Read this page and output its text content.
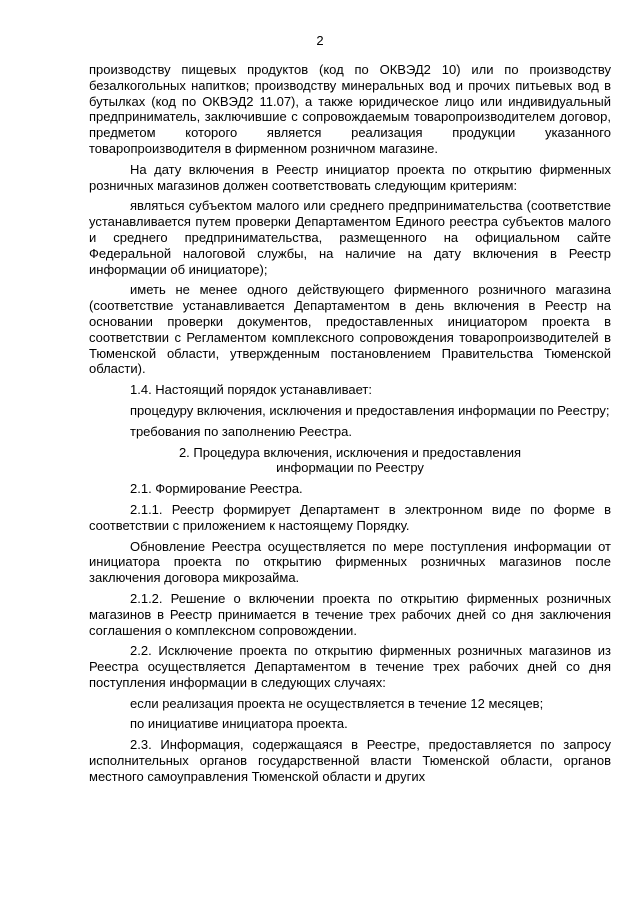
2

производству пищевых продуктов (код по ОКВЭД2 10) или по производству безалкогольных напитков; производству минеральных вод и прочих питьевых вод в бутылках (код по ОКВЭД2 11.07), а также юридическое лицо или индивидуальный предприниматель, заключившие с сопровождаемым товаропроизводителем договор, предметом которого является реализация продукции указанного товаропроизводителя в фирменном розничном магазине.

На дату включения в Реестр инициатор проекта по открытию фирменных розничных магазинов должен соответствовать следующим критериям:

являться субъектом малого или среднего предпринимательства (соответствие устанавливается путем проверки Департаментом Единого реестра субъектов малого и среднего предпринимательства, размещенного на официальном сайте Федеральной налоговой службы, на наличие на дату включения в Реестр информации об инициаторе);

иметь не менее одного действующего фирменного розничного магазина (соответствие устанавливается Департаментом в день включения в Реестр на основании проверки документов, предоставленных инициатором проекта в соответствии с Регламентом комплексного сопровождения товаропроизводителей в Тюменской области, утвержденным постановлением Правительства Тюменской области).

1.4. Настоящий порядок устанавливает:

процедуру включения, исключения и предоставления информации по Реестру;

требования по заполнению Реестра.

2. Процедура включения, исключения и предоставления информации по Реестру

2.1. Формирование Реестра.

2.1.1. Реестр формирует Департамент в электронном виде по форме в соответствии с приложением к настоящему Порядку.

Обновление Реестра осуществляется по мере поступления информации от инициатора проекта по открытию фирменных розничных магазинов после заключения договора микрозайма.

2.1.2. Решение о включении проекта по открытию фирменных розничных магазинов в Реестр принимается в течение трех рабочих дней со дня заключения соглашения о комплексном сопровождении.

2.2. Исключение проекта по открытию фирменных розничных магазинов из Реестра осуществляется Департаментом в течение трех рабочих дней со дня поступления информации в следующих случаях:

если реализация проекта не осуществляется в течение 12 месяцев;

по инициативе инициатора проекта.

2.3. Информация, содержащаяся в Реестре, предоставляется по запросу исполнительных органов государственной власти Тюменской области, органов местного самоуправления Тюменской области и других
